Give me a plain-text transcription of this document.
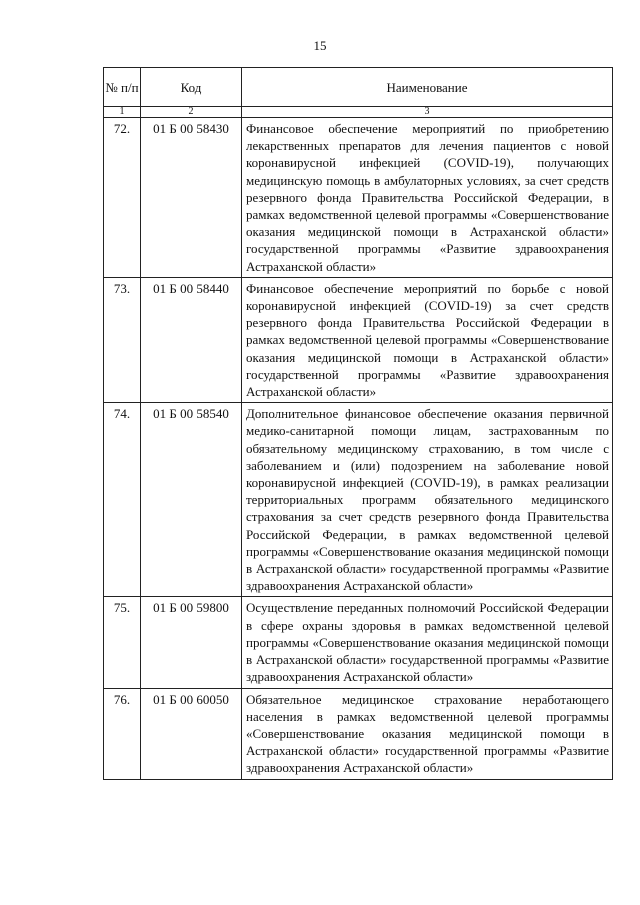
15
№ п/п	Код	Наименование
1	2	3
72.	01 Б 00 58430	Финансовое обеспечение мероприятий по приобретению лекарственных препаратов для лечения пациентов с новой коронавирусной инфекцией (COVID-19), получающих медицинскую помощь в амбулаторных условиях, за счет средств резервного фонда Правительства Российской Федерации, в рамках ведомственной целевой программы «Совершенствование оказания медицинской помощи в Астраханской области» государственной программы «Развитие здравоохранения Астраханской области»
73.	01 Б 00 58440	Финансовое обеспечение мероприятий по борьбе с новой коронавирусной инфекцией (COVID-19) за счет средств резервного фонда Правительства Российской Федерации в рамках ведомственной целевой программы «Совершенствование оказания медицинской помощи в Астраханской области» государственной программы «Развитие здравоохранения Астраханской области»
74.	01 Б 00 58540	Дополнительное финансовое обеспечение оказания первичной медико-санитарной помощи лицам, застрахованным по обязательному медицинскому страхованию, в том числе с заболеванием и (или) подозрением на заболевание новой коронавирусной инфекцией (COVID-19), в рамках реализации территориальных программ обязательного медицинского страхования за счет средств резервного фонда Правительства Российской Федерации, в рамках ведомственной целевой программы «Совершенствование оказания медицинской помощи в Астраханской области» государственной программы «Развитие здравоохранения Астраханской области»
75.	01 Б 00 59800	Осуществление переданных полномочий Российской Федерации в сфере охраны здоровья в рамках ведомственной целевой программы «Совершенствование оказания медицинской помощи в Астраханской области» государственной программы «Развитие здравоохранения Астраханской области»
76.	01 Б 00 60050	Обязательное медицинское страхование неработающего населения в рамках ведомственной целевой программы «Совершенствование оказания медицинской помощи в Астраханской области» государственной программы «Развитие здравоохранения Астраханской области»
